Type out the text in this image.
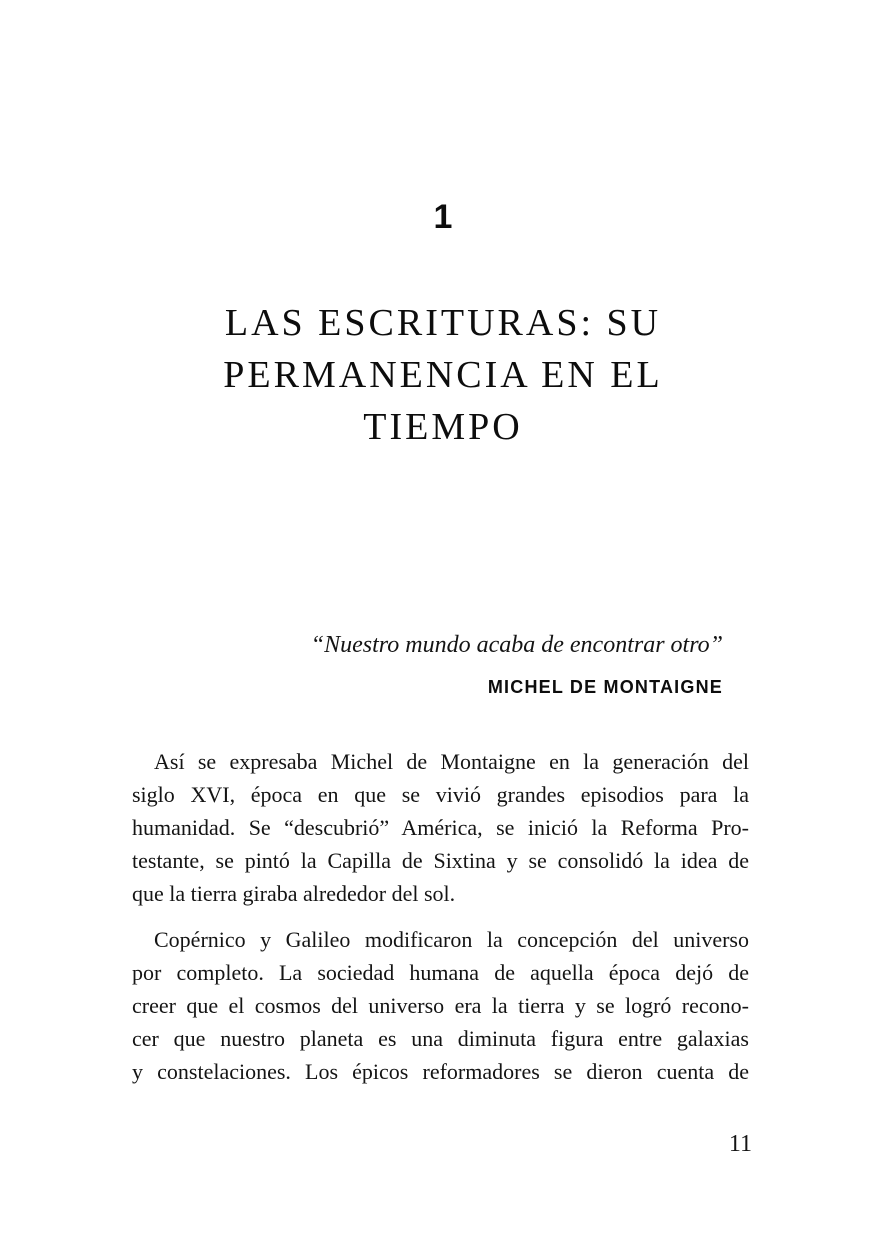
1
LAS ESCRITURAS: SU
PERMANENCIA EN EL
TIEMPO
“Nuestro mundo acaba de encontrar otro”
MICHEL DE MONTAIGNE
Así se expresaba Michel de Montaigne en la generación del
siglo XVI, época en que se vivió grandes episodios para la
humanidad. Se “descubrió” América, se inició la Reforma Pro-
testante, se pintó la Capilla de Sixtina y se consolidó la idea de
que la tierra giraba alrededor del sol.
Copérnico y Galileo modificaron la concepción del universo
por completo. La sociedad humana de aquella época dejó de
creer que el cosmos del universo era la tierra y se logró recono-
cer que nuestro planeta es una diminuta figura entre galaxias
y constelaciones. Los épicos reformadores se dieron cuenta de
11
